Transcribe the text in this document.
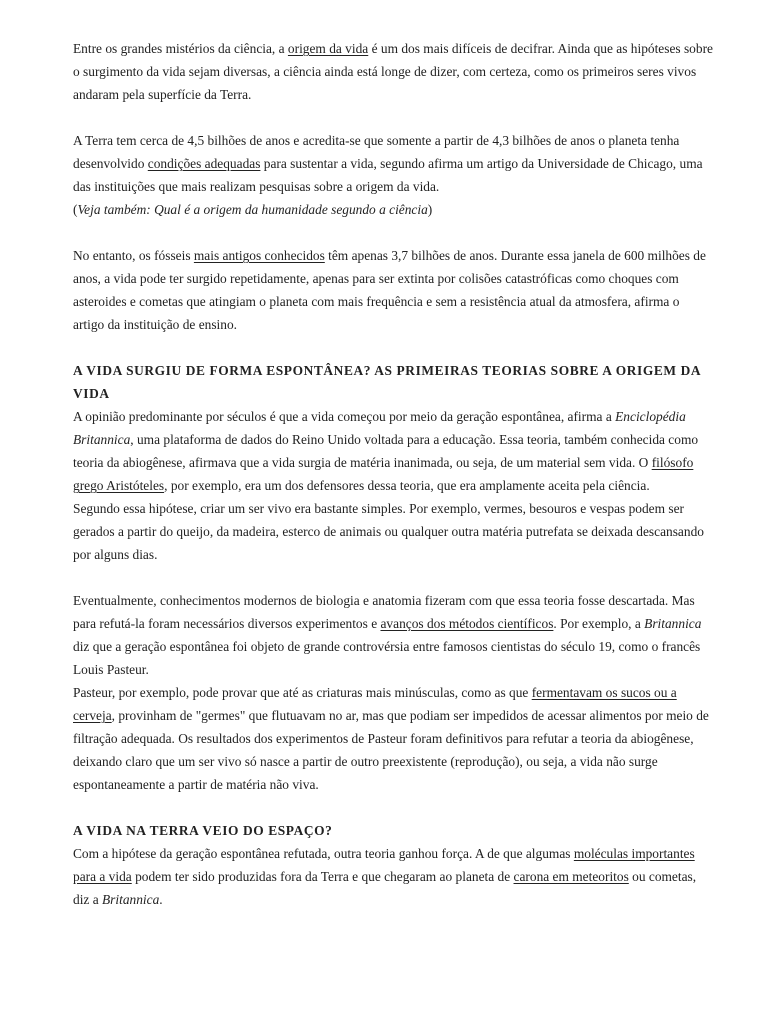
Entre os grandes mistérios da ciência, a origem da vida é um dos mais difíceis de decifrar. Ainda que as hipóteses sobre o surgimento da vida sejam diversas, a ciência ainda está longe de dizer, com certeza, como os primeiros seres vivos andaram pela superfície da Terra.

A Terra tem cerca de 4,5 bilhões de anos e acredita-se que somente a partir de 4,3 bilhões de anos o planeta tenha desenvolvido condições adequadas para sustentar a vida, segundo afirma um artigo da Universidade de Chicago, uma das instituições que mais realizam pesquisas sobre a origem da vida.

(Veja também: Qual é a origem da humanidade segundo a ciência)

No entanto, os fósseis mais antigos conhecidos têm apenas 3,7 bilhões de anos. Durante essa janela de 600 milhões de anos, a vida pode ter surgido repetidamente, apenas para ser extinta por colisões catastróficas como choques com asteroides e cometas que atingiam o planeta com mais frequência e sem a resistência atual da atmosfera, afirma o artigo da instituição de ensino.

A VIDA SURGIU DE FORMA ESPONTÂNEA? AS PRIMEIRAS TEORIAS SOBRE A ORIGEM DA VIDA

A opinião predominante por séculos é que a vida começou por meio da geração espontânea, afirma a Enciclopédia Britannica, uma plataforma de dados do Reino Unido voltada para a educação. Essa teoria, também conhecida como teoria da abiogênese, afirmava que a vida surgia de matéria inanimada, ou seja, de um material sem vida. O filósofo grego Aristóteles, por exemplo, era um dos defensores dessa teoria, que era amplamente aceita pela ciência.

Segundo essa hipótese, criar um ser vivo era bastante simples. Por exemplo, vermes, besouros e vespas podem ser gerados a partir do queijo, da madeira, esterco de animais ou qualquer outra matéria putrefata se deixada descansando por alguns dias.

Eventualmente, conhecimentos modernos de biologia e anatomia fizeram com que essa teoria fosse descartada. Mas para refutá-la foram necessários diversos experimentos e avanços dos métodos científicos. Por exemplo, a Britannica diz que a geração espontânea foi objeto de grande controvérsia entre famosos cientistas do século 19, como o francês Louis Pasteur.

Pasteur, por exemplo, pode provar que até as criaturas mais minúsculas, como as que fermentavam os sucos ou a cerveja, provinham de "germes" que flutuavam no ar, mas que podiam ser impedidos de acessar alimentos por meio de filtração adequada. Os resultados dos experimentos de Pasteur foram definitivos para refutar a teoria da abiogênese, deixando claro que um ser vivo só nasce a partir de outro preexistente (reprodução), ou seja, a vida não surge espontaneamente a partir de matéria não viva.

A VIDA NA TERRA VEIO DO ESPAÇO?

Com a hipótese da geração espontânea refutada, outra teoria ganhou força. A de que algumas moléculas importantes para a vida podem ter sido produzidas fora da Terra e que chegaram ao planeta de carona em meteoritos ou cometas, diz a Britannica.
